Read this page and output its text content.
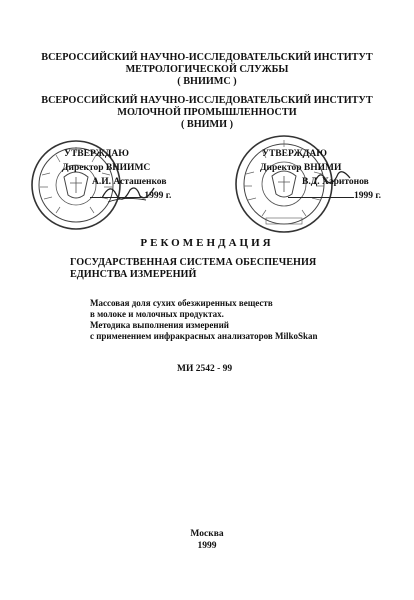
ВСЕРОССИЙСКИЙ НАУЧНО-ИССЛЕДОВАТЕЛЬСКИЙ ИНСТИТУТ
МЕТРОЛОГИЧЕСКОЙ СЛУЖБЫ
( ВНИИМС )
ВСЕРОССИЙСКИЙ НАУЧНО-ИССЛЕДОВАТЕЛЬСКИЙ ИНСТИТУТ
МОЛОЧНОЙ ПРОМЫШЛЕННОСТИ
( ВНИМИ )
УТВЕРЖДАЮ
Директор ВНИИМС
А.И. Асташенков
1999 г.
УТВЕРЖДАЮ
Директор ВНИМИ
В.Д. Харитонов
1999 г.
РЕКОМЕНДАЦИЯ
ГОСУДАРСТВЕННАЯ СИСТЕМА ОБЕСПЕЧЕНИЯ ЕДИНСТВА ИЗМЕРЕНИЙ
Массовая доля сухих обезжиренных веществ
в молоке и молочных продуктах.
Методика выполнения измерений
с применением инфракрасных анализаторов MilkoSkan
МИ 2542 - 99
Москва
1999
